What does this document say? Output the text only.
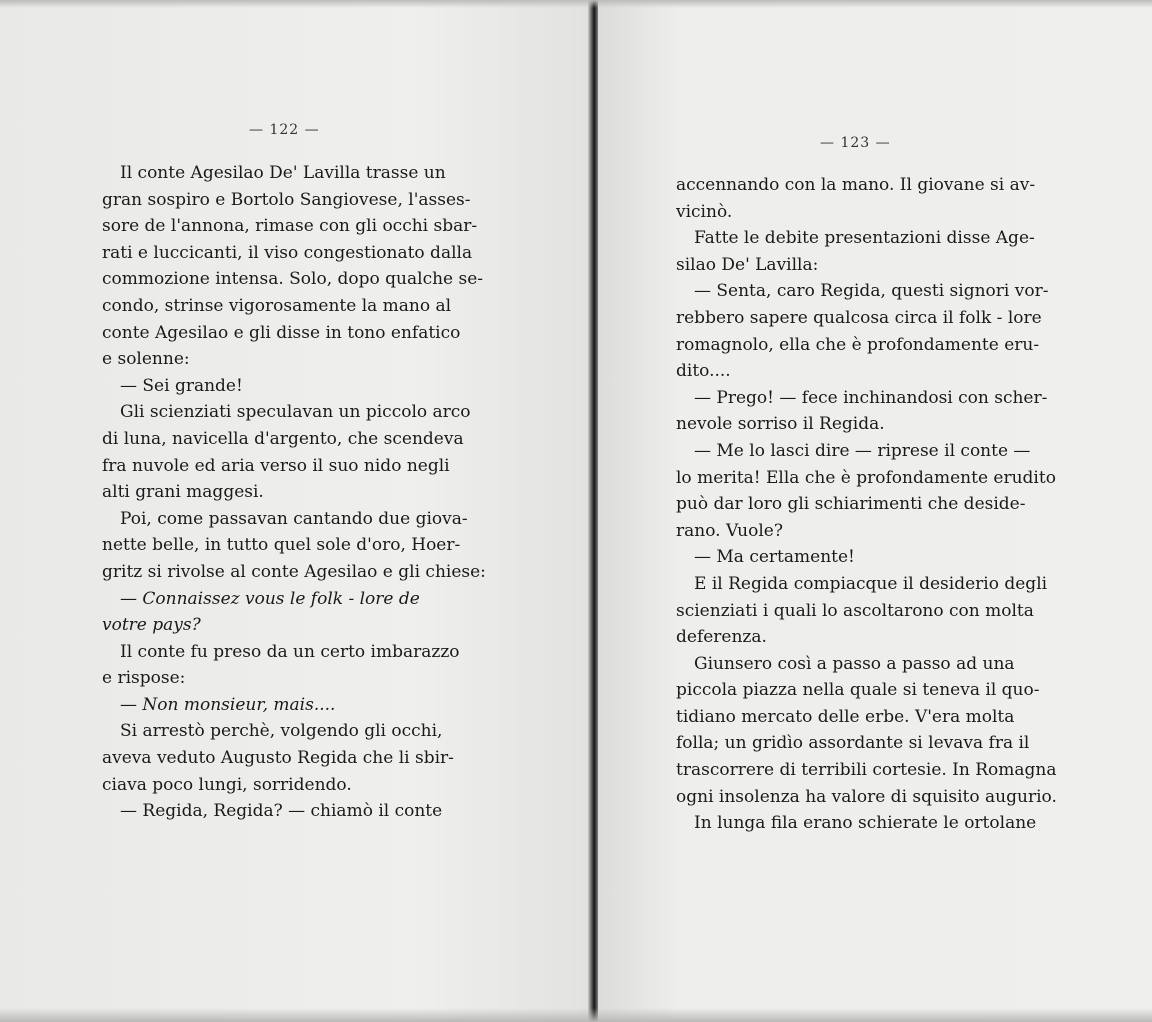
— 122 —
Il conte Agesilao De' Lavilla trasse un
gran sospiro e Bortolo Sangiovese, l'asses-
sore de l'annona, rimase con gli occhi sbar-
rati e luccicanti, il viso congestionato dalla
commozione intensa. Solo, dopo qualche se-
condo, strinse vigorosamente la mano al
conte Agesilao e gli disse in tono enfatico
e solenne:
— Sei grande!
Gli scienziati speculavan un piccolo arco
di luna, navicella d'argento, che scendeva
fra nuvole ed aria verso il suo nido negli
alti grani maggesi.
Poi, come passavan cantando due giova-
nette belle, in tutto quel sole d'oro, Hoer-
gritz si rivolse al conte Agesilao e gli chiese:
— Connaissez vous le folk - lore de
votre pays?
Il conte fu preso da un certo imbarazzo
e rispose:
— Non monsieur, mais....
Si arrestò perchè, volgendo gli occhi,
aveva veduto Augusto Regida che li sbir-
ciava poco lungi, sorridendo.
— Regida, Regida? — chiamò il conte
— 123 —
accennando con la mano. Il giovane si av-
vicinò.
Fatte le debite presentazioni disse Age-
silao De' Lavilla:
— Senta, caro Regida, questi signori vor-
rebbero sapere qualcosa circa il folk - lore
romagnolo, ella che è profondamente eru-
dito....
— Prego! — fece inchinandosi con scher-
nevole sorriso il Regida.
— Me lo lasci dire — riprese il conte —
lo merita! Ella che è profondamente erudito
può dar loro gli schiarimenti che deside-
rano. Vuole?
— Ma certamente!
E il Regida compiacque il desiderio degli
scienziati i quali lo ascoltarono con molta
deferenza.
Giunsero così a passo a passo ad una
piccola piazza nella quale si teneva il quo-
tidiano mercato delle erbe. V'era molta
folla; un gridìo assordante si levava fra il
trascorrere di terribili cortesie. In Romagna
ogni insolenza ha valore di squisito augurio.
In lunga fila erano schierate le ortolane
